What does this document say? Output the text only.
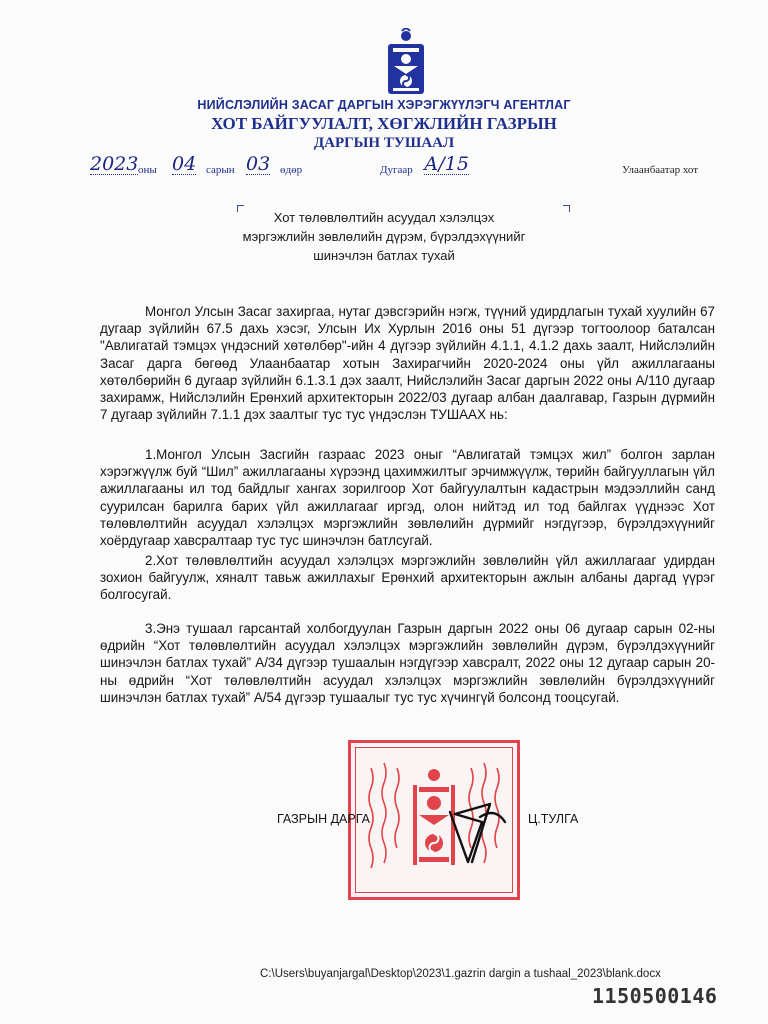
НИЙСЛЭЛИЙН ЗАСАГ ДАРГЫН ХЭРЭГЖҮҮЛЭГЧ АГЕНТЛАГ
ХОТ БАЙГУУЛАЛТ, ХӨГЖЛИЙН ГАЗРЫН
ДАРГЫН ТУШААЛ
2023 оны 04 сарын 03 өдөр	Дугаар А/15	Улаанбаатар хот
Хот төлөвлөлтийн асуудал хэлэлцэх
мэргэжлийн зөвлөлийн дүрэм, бүрэлдэхүүнийг
шинэчлэн батлах тухай
Монгол Улсын Засаг захиргаа, нутаг дэвсгэрийн нэгж, түүний удирдлагын тухай хуулийн 67 дугаар зүйлийн 67.5 дахь хэсэг, Улсын Их Хурлын 2016 оны 51 дүгээр тогтоолоор баталсан "Авлигатай тэмцэх үндэсний хөтөлбөр"-ийн 4 дүгээр зүйлийн 4.1.1, 4.1.2 дахь заалт, Нийслэлийн Засаг дарга бөгөөд Улаанбаатар хотын Захирагчийн 2020-2024 оны үйл ажиллагааны хөтөлбөрийн 6 дугаар зүйлийн 6.1.3.1 дэх заалт, Нийслэлийн Засаг даргын 2022 оны А/110 дугаар захирамж, Нийслэлийн Ерөнхий архитекторын 2022/03 дугаар албан даалгавар, Газрын дүрмийн 7 дугаар зүйлийн 7.1.1 дэх заалтыг тус тус үндэслэн ТУШААХ нь:
1.Монгол Улсын Засгийн газраас 2023 оныг “Авлигатай тэмцэх жил” болгон зарлан хэрэгжүүлж буй “Шил” ажиллагааны хүрээнд цахимжилтыг эрчимжүүлж, төрийн байгууллагын үйл ажиллагааны ил тод байдлыг хангах зорилгоор Хот байгуулалтын кадастрын мэдээллийн санд суурилсан барилга барих үйл ажиллагааг иргэд, олон нийтэд ил тод байлгах үүднээс Хот төлөвлөлтийн асуудал хэлэлцэх мэргэжлийн зөвлөлийн дүрмийг нэгдүгээр, бүрэлдэхүүнийг хоёрдугаар хавсралтаар тус тус шинэчлэн батлсугай.
2.Хот төлөвлөлтийн асуудал хэлэлцэх мэргэжлийн зөвлөлийн үйл ажиллагааг удирдан зохион байгуулж, хяналт тавьж ажиллахыг Ерөнхий архитекторын ажлын албаны даргад үүрэг болгосугай.
3.Энэ тушаал гарсантай холбогдуулан Газрын даргын 2022 оны 06 дугаар сарын 02-ны өдрийн “Хот төлөвлөлтийн асуудал хэлэлцэх мэргэжлийн зөвлөлийн дүрэм, бүрэлдэхүүнийг шинэчлэн батлах тухай” А/34 дүгээр тушаалын нэгдүгээр хавсралт, 2022 оны 12 дугаар сарын 20-ны өдрийн “Хот төлөвлөлтийн асуудал хэлэлцэх мэргэжлийн зөвлөлийн бүрэлдэхүүнийг шинэчлэн батлах тухай” А/54 дүгээр тушаалыг тус тус хүчингүй болсонд тооцсугай.
ГАЗРЫН ДАРГА	Ц.ТУЛГА
C:\Users\buyanjargal\Desktop\2023\1.gazrin dargin a tushaal_2023\blank.docx
1150500146
